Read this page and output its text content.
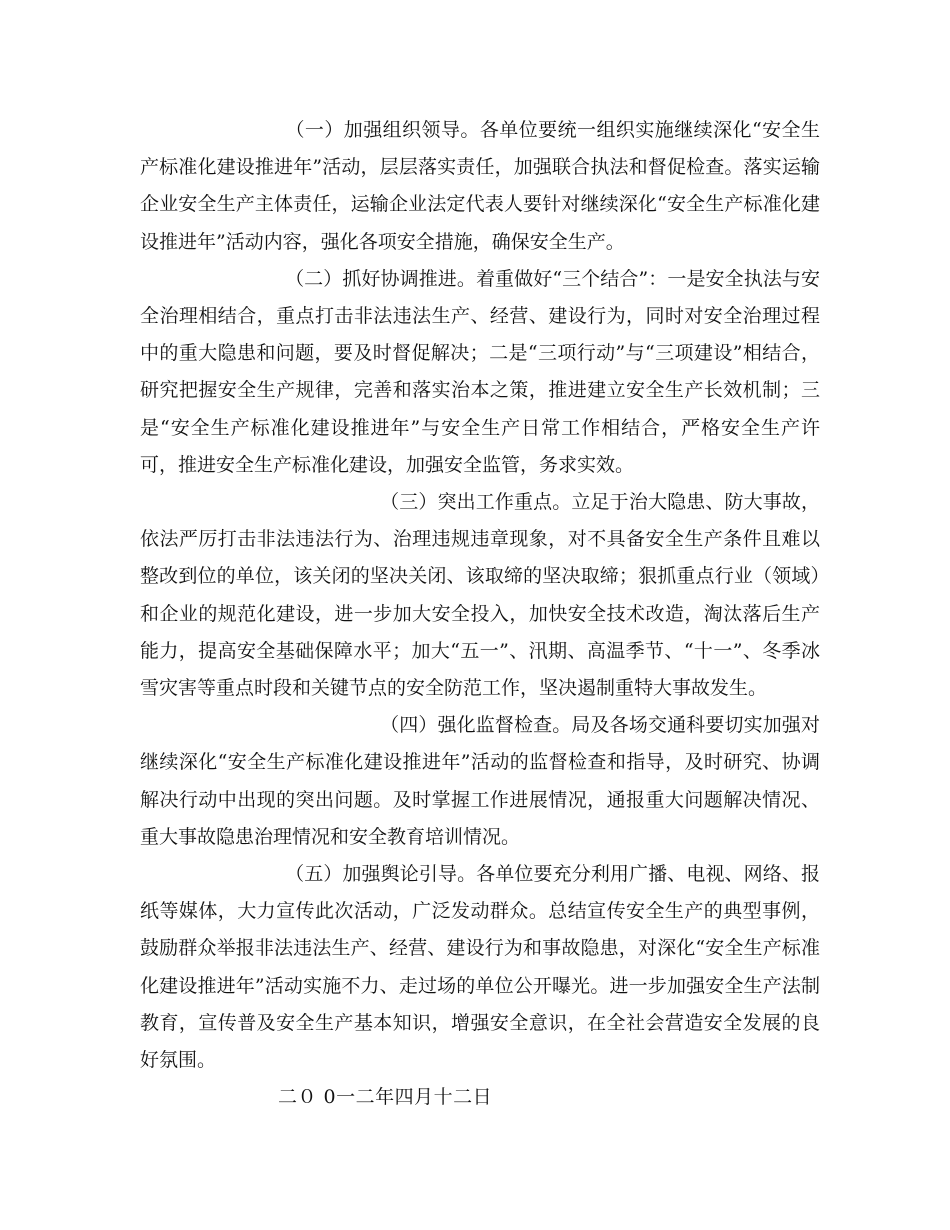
（一）加强组织领导。各单位要统一组织实施继续深化“安全生产标准化建设推进年”活动，层层落实责任，加强联合执法和督促检查。落实运输企业安全生产主体责任，运输企业法定代表人要针对继续深化“安全生产标准化建设推进年”活动内容，强化各项安全措施，确保安全生产。

（二）抓好协调推进。着重做好“三个结合”：一是安全执法与安全治理相结合，重点打击非法违法生产、经营、建设行为，同时对安全治理过程中的重大隐患和问题，要及时督促解决；二是“三项行动”与“三项建设”相结合，研究把握安全生产规律，完善和落实治本之策，推进建立安全生产长效机制；三是“安全生产标准化建设推进年”与安全生产日常工作相结合，严格安全生产许可，推进安全生产标准化建设，加强安全监管，务求实效。

（三）突出工作重点。立足于治大隐患、防大事故，依法严厉打击非法违法行为、治理违规违章现象，对不具备安全生产条件且难以整改到位的单位，该关闭的坚决关闭、该取缔的坚决取缔；狠抓重点行业（领域）和企业的规范化建设，进一步加大安全投入，加快安全技术改造，淘汰落后生产能力，提高安全基础保障水平；加大“五一”、汛期、高温季节、“十一”、冬季冰雪灾害等重点时段和关键节点的安全防范工作，坚决遏制重特大事故发生。

（四）强化监督检查。局及各场交通科要切实加强对继续深化“安全生产标准化建设推进年”活动的监督检查和指导，及时研究、协调解决行动中出现的突出问题。及时掌握工作进展情况，通报重大问题解决情况、重大事故隐患治理情况和安全教育培训情况。

（五）加强舆论引导。各单位要充分利用广播、电视、网络、报纸等媒体，大力宣传此次活动，广泛发动群众。总结宣传安全生产的典型事例，鼓励群众举报非法违法生产、经营、建设行为和事故隐患，对深化“安全生产标准化建设推进年”活动实施不力、走过场的单位公开曝光。进一步加强安全生产法制教育，宣传普及安全生产基本知识，增强安全意识，在全社会营造安全发展的良好氛围。

二０ 0一二年四月十二日
